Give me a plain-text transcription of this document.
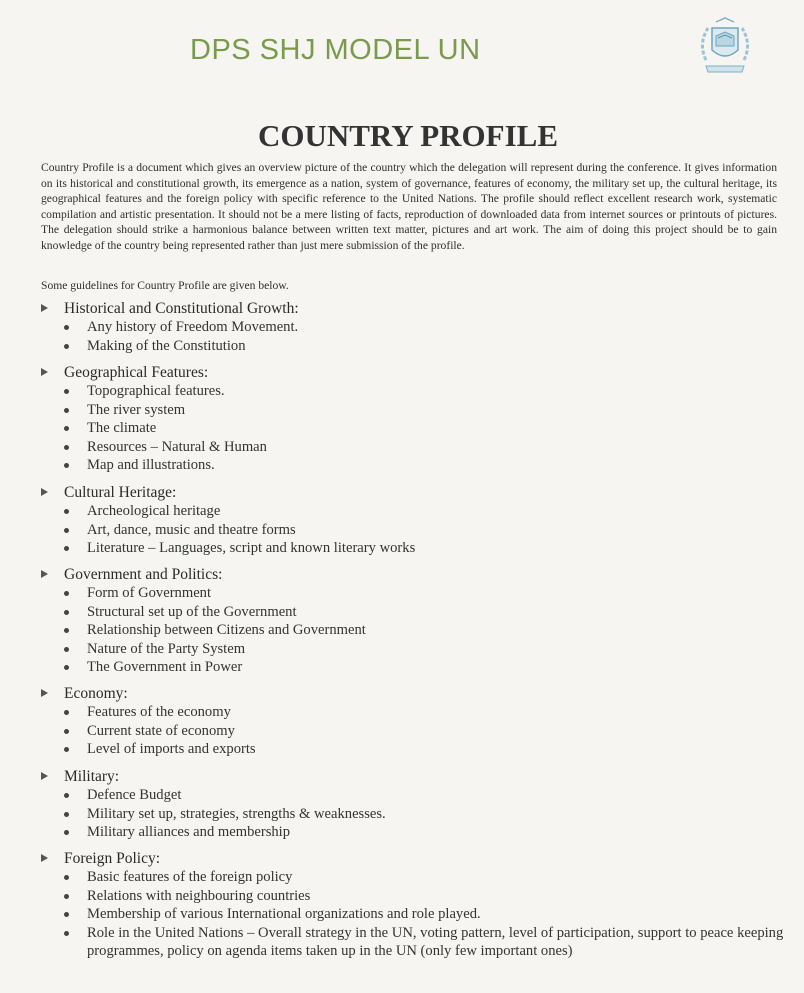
DPS SHJ MODEL UN
COUNTRY PROFILE
Country Profile is a document which gives an overview picture of the country which the delegation will represent during the conference. It gives information on its historical and constitutional growth, its emergence as a nation, system of governance, features of economy, the military set up, the cultural heritage, its geographical features and the foreign policy with specific reference to the United Nations. The profile should reflect excellent research work, systematic compilation and artistic presentation. It should not be a mere listing of facts, reproduction of downloaded data from internet sources or printouts of pictures. The delegation should strike a harmonious balance between written text matter, pictures and art work. The aim of doing this project should be to gain knowledge of the country being represented rather than just mere submission of the profile.
Some guidelines for Country Profile are given below.
Historical and Constitutional Growth:
Any history of Freedom Movement.
Making of the Constitution
Geographical Features:
Topographical features.
The river system
The climate
Resources – Natural & Human
Map and illustrations.
Cultural Heritage:
Archeological heritage
Art, dance, music and theatre forms
Literature – Languages, script and known literary works
Government and Politics:
Form of Government
Structural set up of the Government
Relationship between Citizens and Government
Nature of the Party System
The Government in Power
Economy:
Features of the economy
Current state of economy
Level of imports and exports
Military:
Defence Budget
Military set up, strategies, strengths & weaknesses.
Military alliances and membership
Foreign Policy:
Basic features of the foreign policy
Relations with neighbouring countries
Membership of various International organizations and role played.
Role in the United Nations – Overall strategy in the UN, voting pattern, level of participation, support to peace keeping programmes, policy on agenda items taken up in the UN (only few important ones)
